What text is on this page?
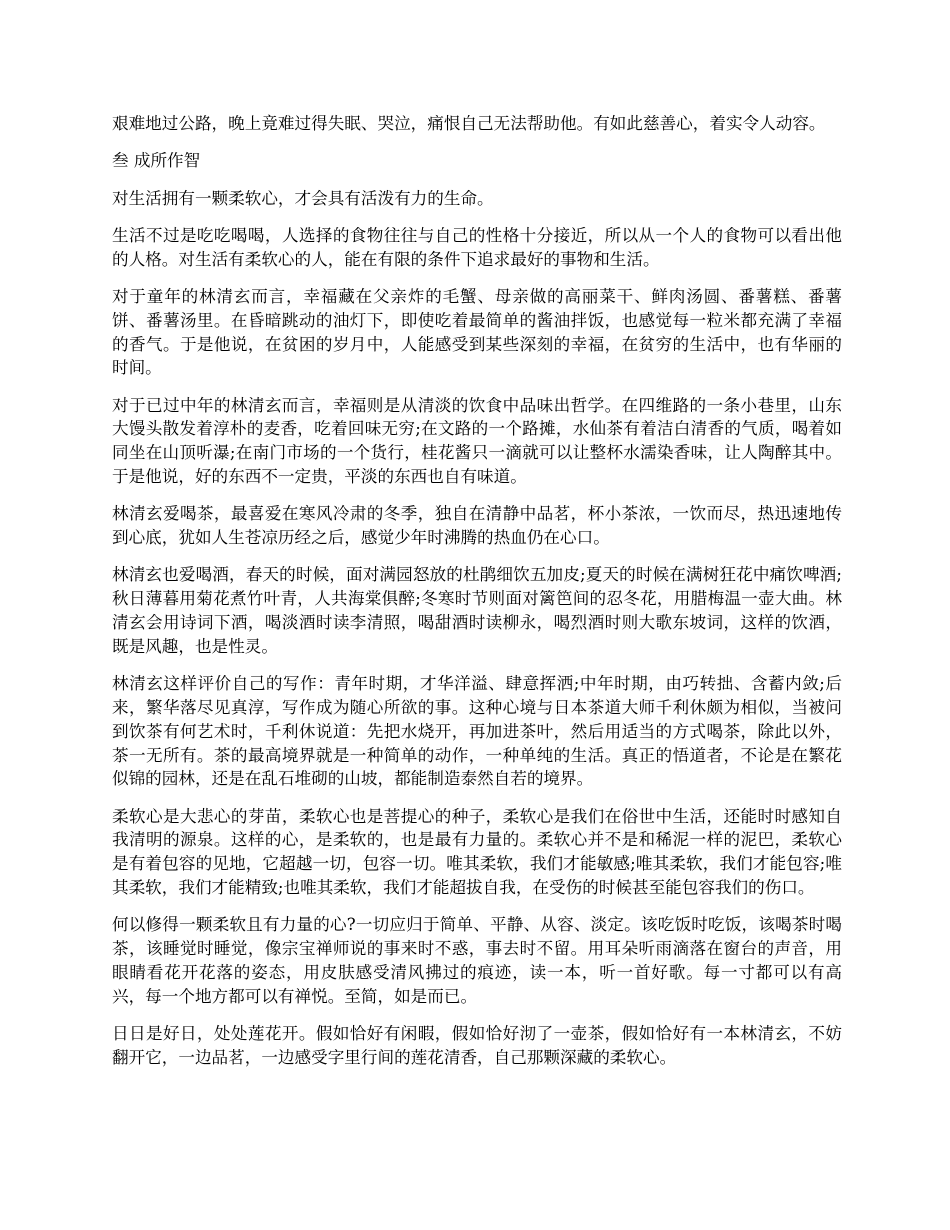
艰难地过公路，晚上竟难过得失眠、哭泣，痛恨自己无法帮助他。有如此慈善心，着实令人动容。

叁 成所作智

对生活拥有一颗柔软心，才会具有活泼有力的生命。

生活不过是吃吃喝喝，人选择的食物往往与自己的性格十分接近，所以从一个人的食物可以看出他的人格。对生活有柔软心的人，能在有限的条件下追求最好的事物和生活。

对于童年的林清玄而言，幸福藏在父亲炸的毛蟹、母亲做的高丽菜干、鲜肉汤圆、番薯糕、番薯饼、番薯汤里。在昏暗跳动的油灯下，即使吃着最简单的酱油拌饭，也感觉每一粒米都充满了幸福的香气。于是他说，在贫困的岁月中，人能感受到某些深刻的幸福，在贫穷的生活中，也有华丽的时间。

对于已过中年的林清玄而言，幸福则是从清淡的饮食中品味出哲学。在四维路的一条小巷里，山东大馒头散发着淳朴的麦香，吃着回味无穷;在文路的一个路摊，水仙茶有着洁白清香的气质，喝着如同坐在山顶听瀑;在南门市场的一个货行，桂花酱只一滴就可以让整杯水濡染香味，让人陶醉其中。于是他说，好的东西不一定贵，平淡的东西也自有味道。

林清玄爱喝茶，最喜爱在寒风冷肃的冬季，独自在清静中品茗，杯小茶浓，一饮而尽，热迅速地传到心底，犹如人生苍凉历经之后，感觉少年时沸腾的热血仍在心口。

林清玄也爱喝酒，春天的时候，面对满园怒放的杜鹃细饮五加皮;夏天的时候在满树狂花中痛饮啤酒;秋日薄暮用菊花煮竹叶青，人共海棠俱醉;冬寒时节则面对篱笆间的忍冬花，用腊梅温一壶大曲。林清玄会用诗词下酒，喝淡酒时读李清照，喝甜酒时读柳永，喝烈酒时则大歌东坡词，这样的饮酒，既是风趣，也是性灵。

林清玄这样评价自己的写作：青年时期，才华洋溢、肆意挥洒;中年时期，由巧转拙、含蓄内敛;后来，繁华落尽见真淳，写作成为随心所欲的事。这种心境与日本茶道大师千利休颇为相似，当被问到饮茶有何艺术时，千利休说道：先把水烧开，再加进茶叶，然后用适当的方式喝茶，除此以外，茶一无所有。茶的最高境界就是一种简单的动作，一种单纯的生活。真正的悟道者，不论是在繁花似锦的园林，还是在乱石堆砌的山坡，都能制造泰然自若的境界。

柔软心是大悲心的芽苗，柔软心也是菩提心的种子，柔软心是我们在俗世中生活，还能时时感知自我清明的源泉。这样的心，是柔软的，也是最有力量的。柔软心并不是和稀泥一样的泥巴，柔软心是有着包容的见地，它超越一切，包容一切。唯其柔软，我们才能敏感;唯其柔软，我们才能包容;唯其柔软，我们才能精致;也唯其柔软，我们才能超拔自我，在受伤的时候甚至能包容我们的伤口。

何以修得一颗柔软且有力量的心?一切应归于简单、平静、从容、淡定。该吃饭时吃饭，该喝茶时喝茶，该睡觉时睡觉，像宗宝禅师说的事来时不惑，事去时不留。用耳朵听雨滴落在窗台的声音，用眼睛看花开花落的姿态，用皮肤感受清风拂过的痕迹，读一本，听一首好歌。每一寸都可以有高兴，每一个地方都可以有禅悦。至简，如是而已。

日日是好日，处处莲花开。假如恰好有闲暇，假如恰好沏了一壶茶，假如恰好有一本林清玄，不妨翻开它，一边品茗，一边感受字里行间的莲花清香，自己那颗深藏的柔软心。
